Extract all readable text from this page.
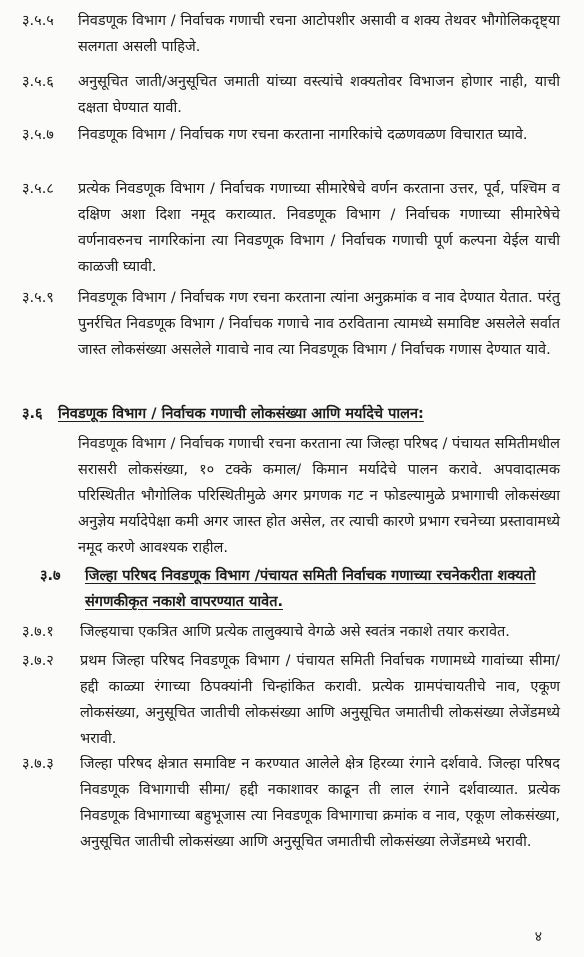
३.५.५ निवडणूक विभाग / निर्वाचक गणाची रचना आटोपशीर असावी व शक्य तेथवर भौगोलिकदृष्ट्या सलगता असली पाहिजे.
३.५.६ अनुसूचित जाती/अनुसूचित जमाती यांच्या वस्त्यांचे शक्यतोवर विभाजन होणार नाही, याची दक्षता घेण्यात यावी.
३.५.७ निवडणूक विभाग / निर्वाचक गण रचना करताना नागरिकांचे दळणवळण विचारात घ्यावे.
३.५.८ प्रत्येक निवडणूक विभाग / निर्वाचक गणाच्या सीमारेषेचे वर्णन करताना उत्तर, पूर्व, पश्चिम व दक्षिण अशा दिशा नमूद कराव्यात. निवडणूक विभाग / निर्वाचक गणाच्या सीमारेषेचे वर्णनावरुनच नागरिकांना त्या निवडणूक विभाग / निर्वाचक गणाची पूर्ण कल्पना येईल याची काळजी घ्यावी.
३.५.९ निवडणूक विभाग / निर्वाचक गण रचना करताना त्यांना अनुक्रमांक व नाव देण्यात येतात. परंतु पुनर्रचित निवडणूक विभाग / निर्वाचक गणाचे नाव ठरविताना त्यामध्ये समाविष्ट असलेले सर्वात जास्त लोकसंख्या असलेले गावाचे नाव त्या निवडणूक विभाग / निर्वाचक गणास देण्यात यावे.
३.६ निवडणूक विभाग / निर्वाचक गणाची लोकसंख्या आणि मर्यादेचे पालन:
निवडणूक विभाग / निर्वाचक गणाची रचना करताना त्या जिल्हा परिषद / पंचायत समितीमधील सरासरी लोकसंख्या, १० टक्के कमाल/ किमान मर्यादेचे पालन करावे. अपवादात्मक परिस्थितीत भौगोलिक परिस्थितीमुळे अगर प्रगणक गट न फोडल्यामुळे प्रभागाची लोकसंख्या अनुज्ञेय मर्यादेपेक्षा कमी अगर जास्त होत असेल, तर त्याची कारणे प्रभाग रचनेच्या प्रस्तावामध्ये नमूद करणे आवश्यक राहील.
३.७ जिल्हा परिषद निवडणूक विभाग /पंचायत समिती निर्वाचक गणाच्या रचनेकरीता शक्यतो संगणकीकृत नकाशे वापरण्यात यावेत.
३.७.१ जिल्हयाचा एकत्रित आणि प्रत्येक तालुक्याचे वेगळे असे स्वतंत्र नकाशे तयार करावेत.
३.७.२ प्रथम जिल्हा परिषद निवडणूक विभाग / पंचायत समिती निर्वाचक गणामध्ये गावांच्या सीमा/ हद्दी काळ्या रंगाच्या ठिपक्यांनी चिन्हांकित करावी. प्रत्येक ग्रामपंचायतीचे नाव, एकूण लोकसंख्या, अनुसूचित जातीची लोकसंख्या आणि अनुसूचित जमातीची लोकसंख्या लेजेंडमध्ये भरावी.
३.७.३ जिल्हा परिषद क्षेत्रात समाविष्ट न करण्यात आलेले क्षेत्र हिरव्या रंगाने दर्शवावे. जिल्हा परिषद निवडणूक विभागाची सीमा/ हद्दी नकाशावर काढून ती लाल रंगाने दर्शवाव्यात. प्रत्येक निवडणूक विभागाच्या बहुभूजास त्या निवडणूक विभागाचा क्रमांक व नाव, एकूण लोकसंख्या, अनुसूचित जातीची लोकसंख्या आणि अनुसूचित जमातीची लोकसंख्या लेजेंडमध्ये भरावी.
४
